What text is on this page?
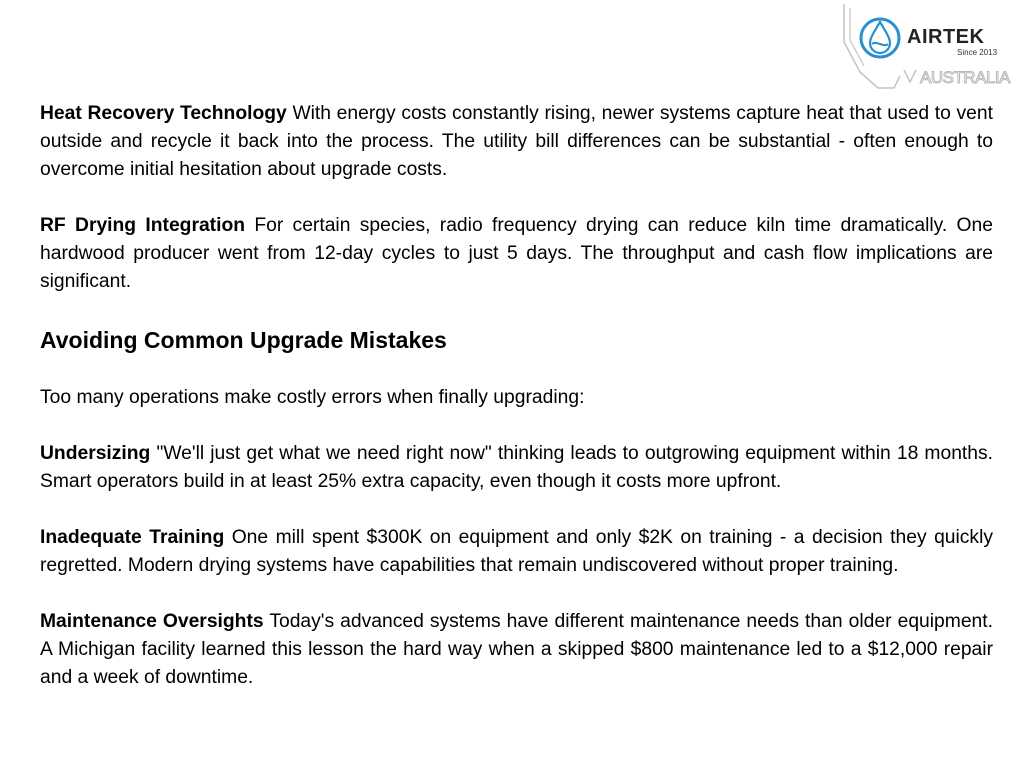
AIRTEK
Since 2013
AUSTRALIA

Heat Recovery Technology With energy costs constantly rising, newer systems capture heat that used to vent outside and recycle it back into the process. The utility bill differences can be substantial - often enough to overcome initial hesitation about upgrade costs.

RF Drying Integration For certain species, radio frequency drying can reduce kiln time dramatically. One hardwood producer went from 12-day cycles to just 5 days. The throughput and cash flow implications are significant.

Avoiding Common Upgrade Mistakes

Too many operations make costly errors when finally upgrading:

Undersizing "We'll just get what we need right now" thinking leads to outgrowing equipment within 18 months. Smart operators build in at least 25% extra capacity, even though it costs more upfront.

Inadequate Training One mill spent $300K on equipment and only $2K on training - a decision they quickly regretted. Modern drying systems have capabilities that remain undiscovered without proper training.

Maintenance Oversights Today's advanced systems have different maintenance needs than older equipment. A Michigan facility learned this lesson the hard way when a skipped $800 maintenance led to a $12,000 repair and a week of downtime.
